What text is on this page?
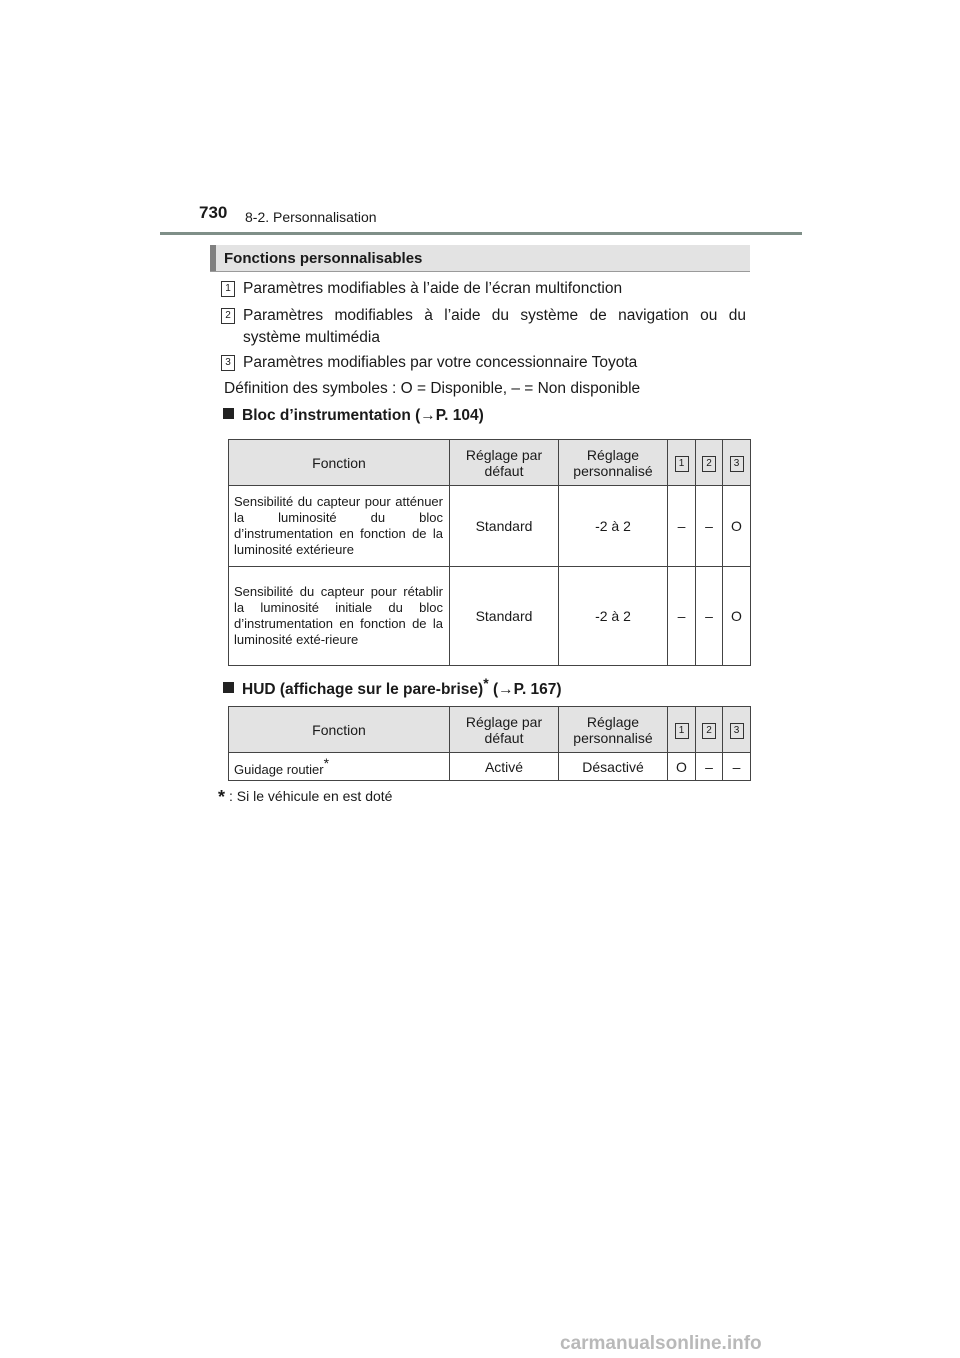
730 8-2. Personnalisation
Fonctions personnalisables
1 Paramètres modifiables à l’aide de l’écran multifonction
2 Paramètres modifiables à l’aide du système de navigation ou du
système multimédia
3 Paramètres modifiables par votre concessionnaire Toyota
Définition des symboles : O = Disponible, – = Non disponible
Bloc d’instrumentation (→P. 104)
Fonction	Réglage par défaut	Réglage personnalisé	1	2	3
Sensibilité du capteur pour atténuer la luminosité du bloc d’instrumentation en fonction de la luminosité extérieure	Standard	-2 à 2	–	–	O
Sensibilité du capteur pour rétablir la luminosité initiale du bloc d’instrumentation en fonction de la luminosité exté-rieure	Standard	-2 à 2	–	–	O
HUD (affichage sur le pare-brise)* (→P. 167)
Fonction	Réglage par défaut	Réglage personnalisé	1	2	3
Guidage routier*	Activé	Désactivé	O	–	–
* : Si le véhicule en est doté
carmanualsonline.info
